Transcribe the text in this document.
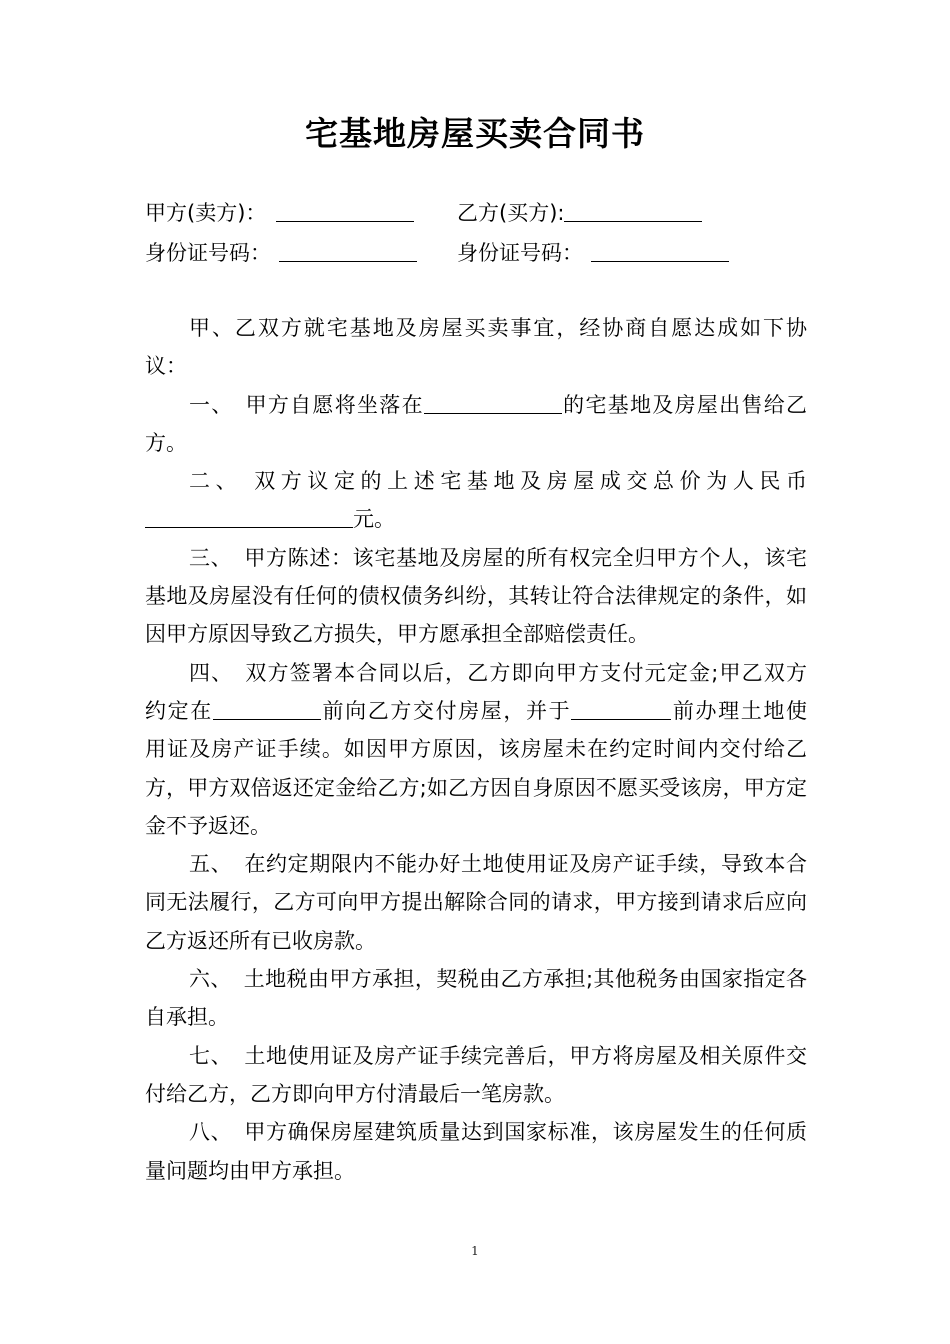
宅基地房屋买卖合同书
甲方(卖方)：	乙方(买方):
身份证号码：	身份证号码：

甲、乙双方就宅基地及房屋买卖事宜，经协商自愿达成如下协

议：

一、 甲方自愿将坐落在	的宅基地及房屋出售给乙

方。

二、 双方议定的上述宅基地及房屋成交总价为人民币

元。

三、 甲方陈述：该宅基地及房屋的所有权完全归甲方个人，该宅基地及房屋没有任何的债权债务纠纷，其转让符合法律规定的条件，如因甲方原因导致乙方损失，甲方愿承担全部赔偿责任。

四、 双方签署本合同以后，乙方即向甲方支付元定金;甲乙双方

约定在	前向乙方交付房屋，并于	前办理土地使

用证及房产证手续。如因甲方原因，该房屋未在约定时间内交付给乙方，甲方双倍返还定金给乙方;如乙方因自身原因不愿买受该房，甲方定金不予返还。

五、 在约定期限内不能办好土地使用证及房产证手续，导致本合同无法履行，乙方可向甲方提出解除合同的请求，甲方接到请求后应向乙方返还所有已收房款。

六、 土地税由甲方承担，契税由乙方承担;其他税务由国家指定各自承担。

七、 土地使用证及房产证手续完善后，甲方将房屋及相关原件交付给乙方，乙方即向甲方付清最后一笔房款。

八、 甲方确保房屋建筑质量达到国家标准，该房屋发生的任何质量问题均由甲方承担。

1
